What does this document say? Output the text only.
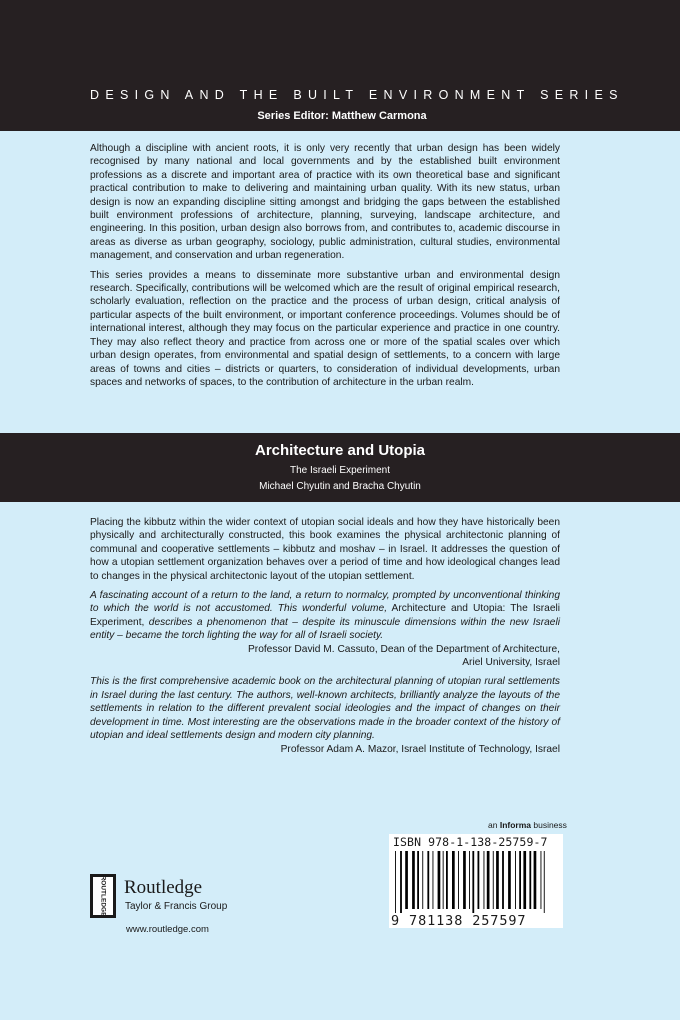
DESIGN AND THE BUILT ENVIRONMENT SERIES
Series Editor: Matthew Carmona

Although a discipline with ancient roots, it is only very recently that urban design has been widely recognised by many national and local governments and by the established built environment professions as a discrete and important area of practice with its own theoretical base and significant practical contribution to make to delivering and maintaining urban quality. With its new status, urban design is now an expanding discipline sitting amongst and bridging the gaps between the established built environment professions of architecture, planning, surveying, landscape architecture, and engineering. In this position, urban design also borrows from, and contributes to, academic discourse in areas as diverse as urban geography, sociology, public administration, cultural studies, environmental management, and conservation and urban regeneration.

This series provides a means to disseminate more substantive urban and environmental design research. Specifically, contributions will be welcomed which are the result of original empirical research, scholarly evaluation, reflection on the practice and the process of urban design, critical analysis of particular aspects of the built environment, or important conference proceedings. Volumes should be of international interest, although they may focus on the particular experience and practice in one country. They may also reflect theory and practice from across one or more of the spatial scales over which urban design operates, from environmental and spatial design of settlements, to a concern with large areas of towns and cities – districts or quarters, to consideration of individual developments, urban spaces and networks of spaces, to the contribution of architecture in the urban realm.

Architecture and Utopia
The Israeli Experiment
Michael Chyutin and Bracha Chyutin

Placing the kibbutz within the wider context of utopian social ideals and how they have historically been physically and architecturally constructed, this book examines the physical architectonic planning of communal and cooperative settlements – kibbutz and moshav – in Israel. It addresses the question of how a utopian settlement organization behaves over a period of time and how ideological changes lead to changes in the physical architectonic layout of the utopian settlement.

A fascinating account of a return to the land, a return to normalcy, prompted by unconventional thinking to which the world is not accustomed. This wonderful volume, Architecture and Utopia: The Israeli Experiment, describes a phenomenon that – despite its minuscule dimensions within the new Israeli entity – became the torch lighting the way for all of Israeli society.

Professor David M. Cassuto, Dean of the Department of Architecture,

Ariel University, Israel

This is the first comprehensive academic book on the architectural planning of utopian rural settlements in Israel during the last century. The authors, well-known architects, brilliantly analyze the layouts of the settlements in relation to the different prevalent social ideologies and the impact of changes on their development in time. Most interesting are the observations made in the broader context of the history of utopian and ideal settlements design and modern city planning.

Professor Adam A. Mazor, Israel Institute of Technology, Israel

an Informa business
ISBN 978-1-138-25759-7
9 781138 257597
ROUTLEDGE Routledge
Taylor & Francis Group
www.routledge.com
